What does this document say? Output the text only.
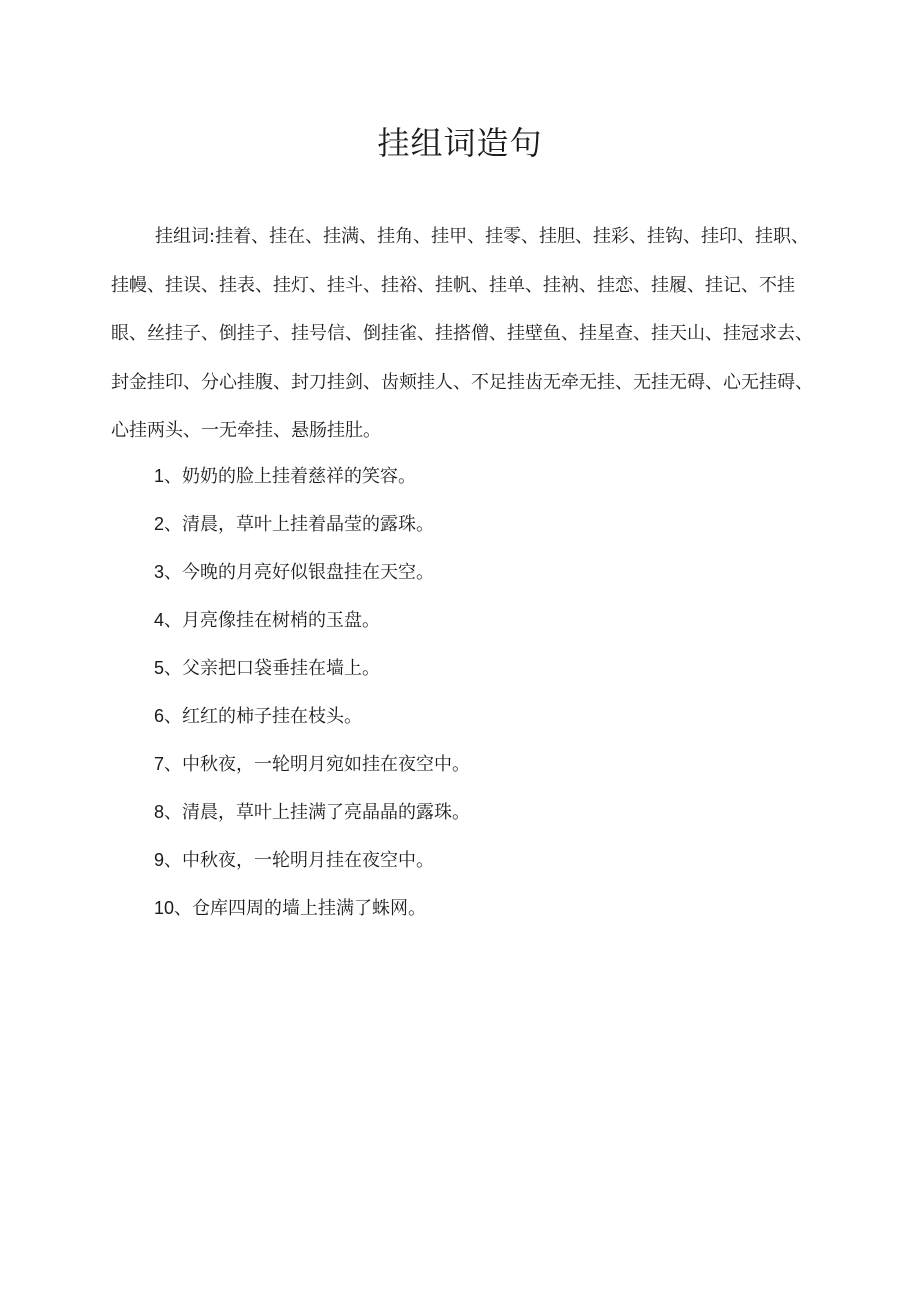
挂组词造句

挂组词:挂着、挂在、挂满、挂角、挂甲、挂零、挂胆、挂彩、挂钩、挂印、挂职、挂幔、挂误、挂表、挂灯、挂斗、挂裕、挂帆、挂单、挂衲、挂恋、挂履、挂记、不挂眼、丝挂子、倒挂子、挂号信、倒挂雀、挂搭僧、挂壁鱼、挂星查、挂天山、挂冠求去、封金挂印、分心挂腹、封刀挂剑、齿颊挂人、不足挂齿无牵无挂、无挂无碍、心无挂碍、心挂两头、一无牵挂、悬肠挂肚。

1、奶奶的脸上挂着慈祥的笑容。
2、清晨，草叶上挂着晶莹的露珠。
3、今晚的月亮好似银盘挂在天空。
4、月亮像挂在树梢的玉盘。
5、父亲把口袋垂挂在墙上。
6、红红的柿子挂在枝头。
7、中秋夜，一轮明月宛如挂在夜空中。
8、清晨，草叶上挂满了亮晶晶的露珠。
9、中秋夜，一轮明月挂在夜空中。
10、仓库四周的墙上挂满了蛛网。
